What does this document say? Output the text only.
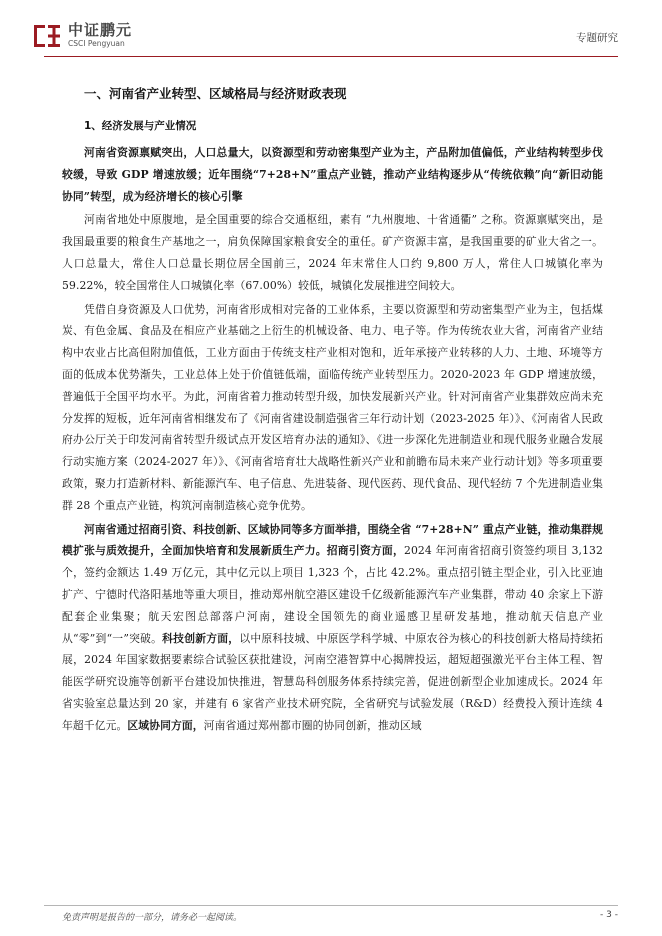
中证鹏元
CSCI Pengyuan	专题研究
一、河南省产业转型、区域格局与经济财政表现
1、经济发展与产业情况

河南省资源禀赋突出，人口总量大，以资源型和劳动密集型产业为主，产品附加值偏低，产业结构转型步伐较缓，导致 GDP 增速放缓；近年围绕“7+28+N”重点产业链，推动产业结构逐步从“传统依赖”向“新旧动能协同”转型，成为经济增长的核心引擎

河南省地处中原腹地，是全国重要的综合交通枢纽，素有 “九州腹地、十省通衢” 之称。资源禀赋突出，是我国最重要的粮食生产基地之一，肩负保障国家粮食安全的重任。矿产资源丰富，是我国重要的矿业大省之一。人口总量大，常住人口总量长期位居全国前三，2024 年末常住人口约 9,800 万人，常住人口城镇化率为 59.22%，较全国常住人口城镇化率（67.00%）较低，城镇化发展推进空间较大。

凭借自身资源及人口优势，河南省形成相对完备的工业体系，主要以资源型和劳动密集型产业为主，包括煤炭、有色金属、食品及在相应产业基础之上衍生的机械设备、电力、电子等。作为传统农业大省，河南省产业结构中农业占比高但附加值低，工业方面由于传统支柱产业相对饱和，近年承接产业转移的人力、土地、环境等方面的低成本优势渐失，工业总体上处于价值链低端，面临传统产业转型压力。2020-2023 年 GDP 增速放缓，普遍低于全国平均水平。为此，河南省着力推动转型升级，加快发展新兴产业。针对河南省产业集群效应尚未充分发挥的短板，近年河南省相继发布了《河南省建设制造强省三年行动计划（2023-2025 年）》、《河南省人民政府办公厅关于印发河南省转型升级试点开发区培育办法的通知》、《进一步深化先进制造业和现代服务业融合发展行动实施方案（2024-2027 年）》、《河南省培育壮大战略性新兴产业和前瞻布局未来产业行动计划》等多项重要政策，聚力打造新材料、新能源汽车、电子信息、先进装备、现代医药、现代食品、现代轻纺 7 个先进制造业集群 28 个重点产业链，构筑河南制造核心竞争优势。

河南省通过招商引资、科技创新、区域协同等多方面举措，围绕全省 “7+28+N” 重点产业链，推动集群规模扩张与质效提升，全面加快培育和发展新质生产力。招商引资方面，2024 年河南省招商引资签约项目 3,132 个，签约金额达 1.49 万亿元，其中亿元以上项目 1,323 个，占比 42.2%。重点招引链主型企业，引入比亚迪扩产、宁德时代洛阳基地等重大项目，推动郑州航空港区建设千亿级新能源汽车产业集群，带动 40 余家上下游配套企业集聚；航天宏图总部落户河南，建设全国领先的商业遥感卫星研发基地，推动航天信息产业从“零”到“一”突破。科技创新方面，以中原科技城、中原医学科学城、中原农谷为核心的科技创新大格局持续拓展，2024 年国家数据要素综合试验区获批建设，河南空港智算中心揭牌投运，超短超强激光平台主体工程、智能医学研究设施等创新平台建设加快推进，智慧岛科创服务体系持续完善，促进创新型企业加速成长。2024 年省实验室总量达到 20 家，并建有 6 家省产业技术研究院，全省研究与试验发展（R&D）经费投入预计连续 4 年超千亿元。区域协同方面，河南省通过郑州都市圈的协同创新，推动区域

免责声明是报告的一部分，请务必一起阅读。	- 3 -
